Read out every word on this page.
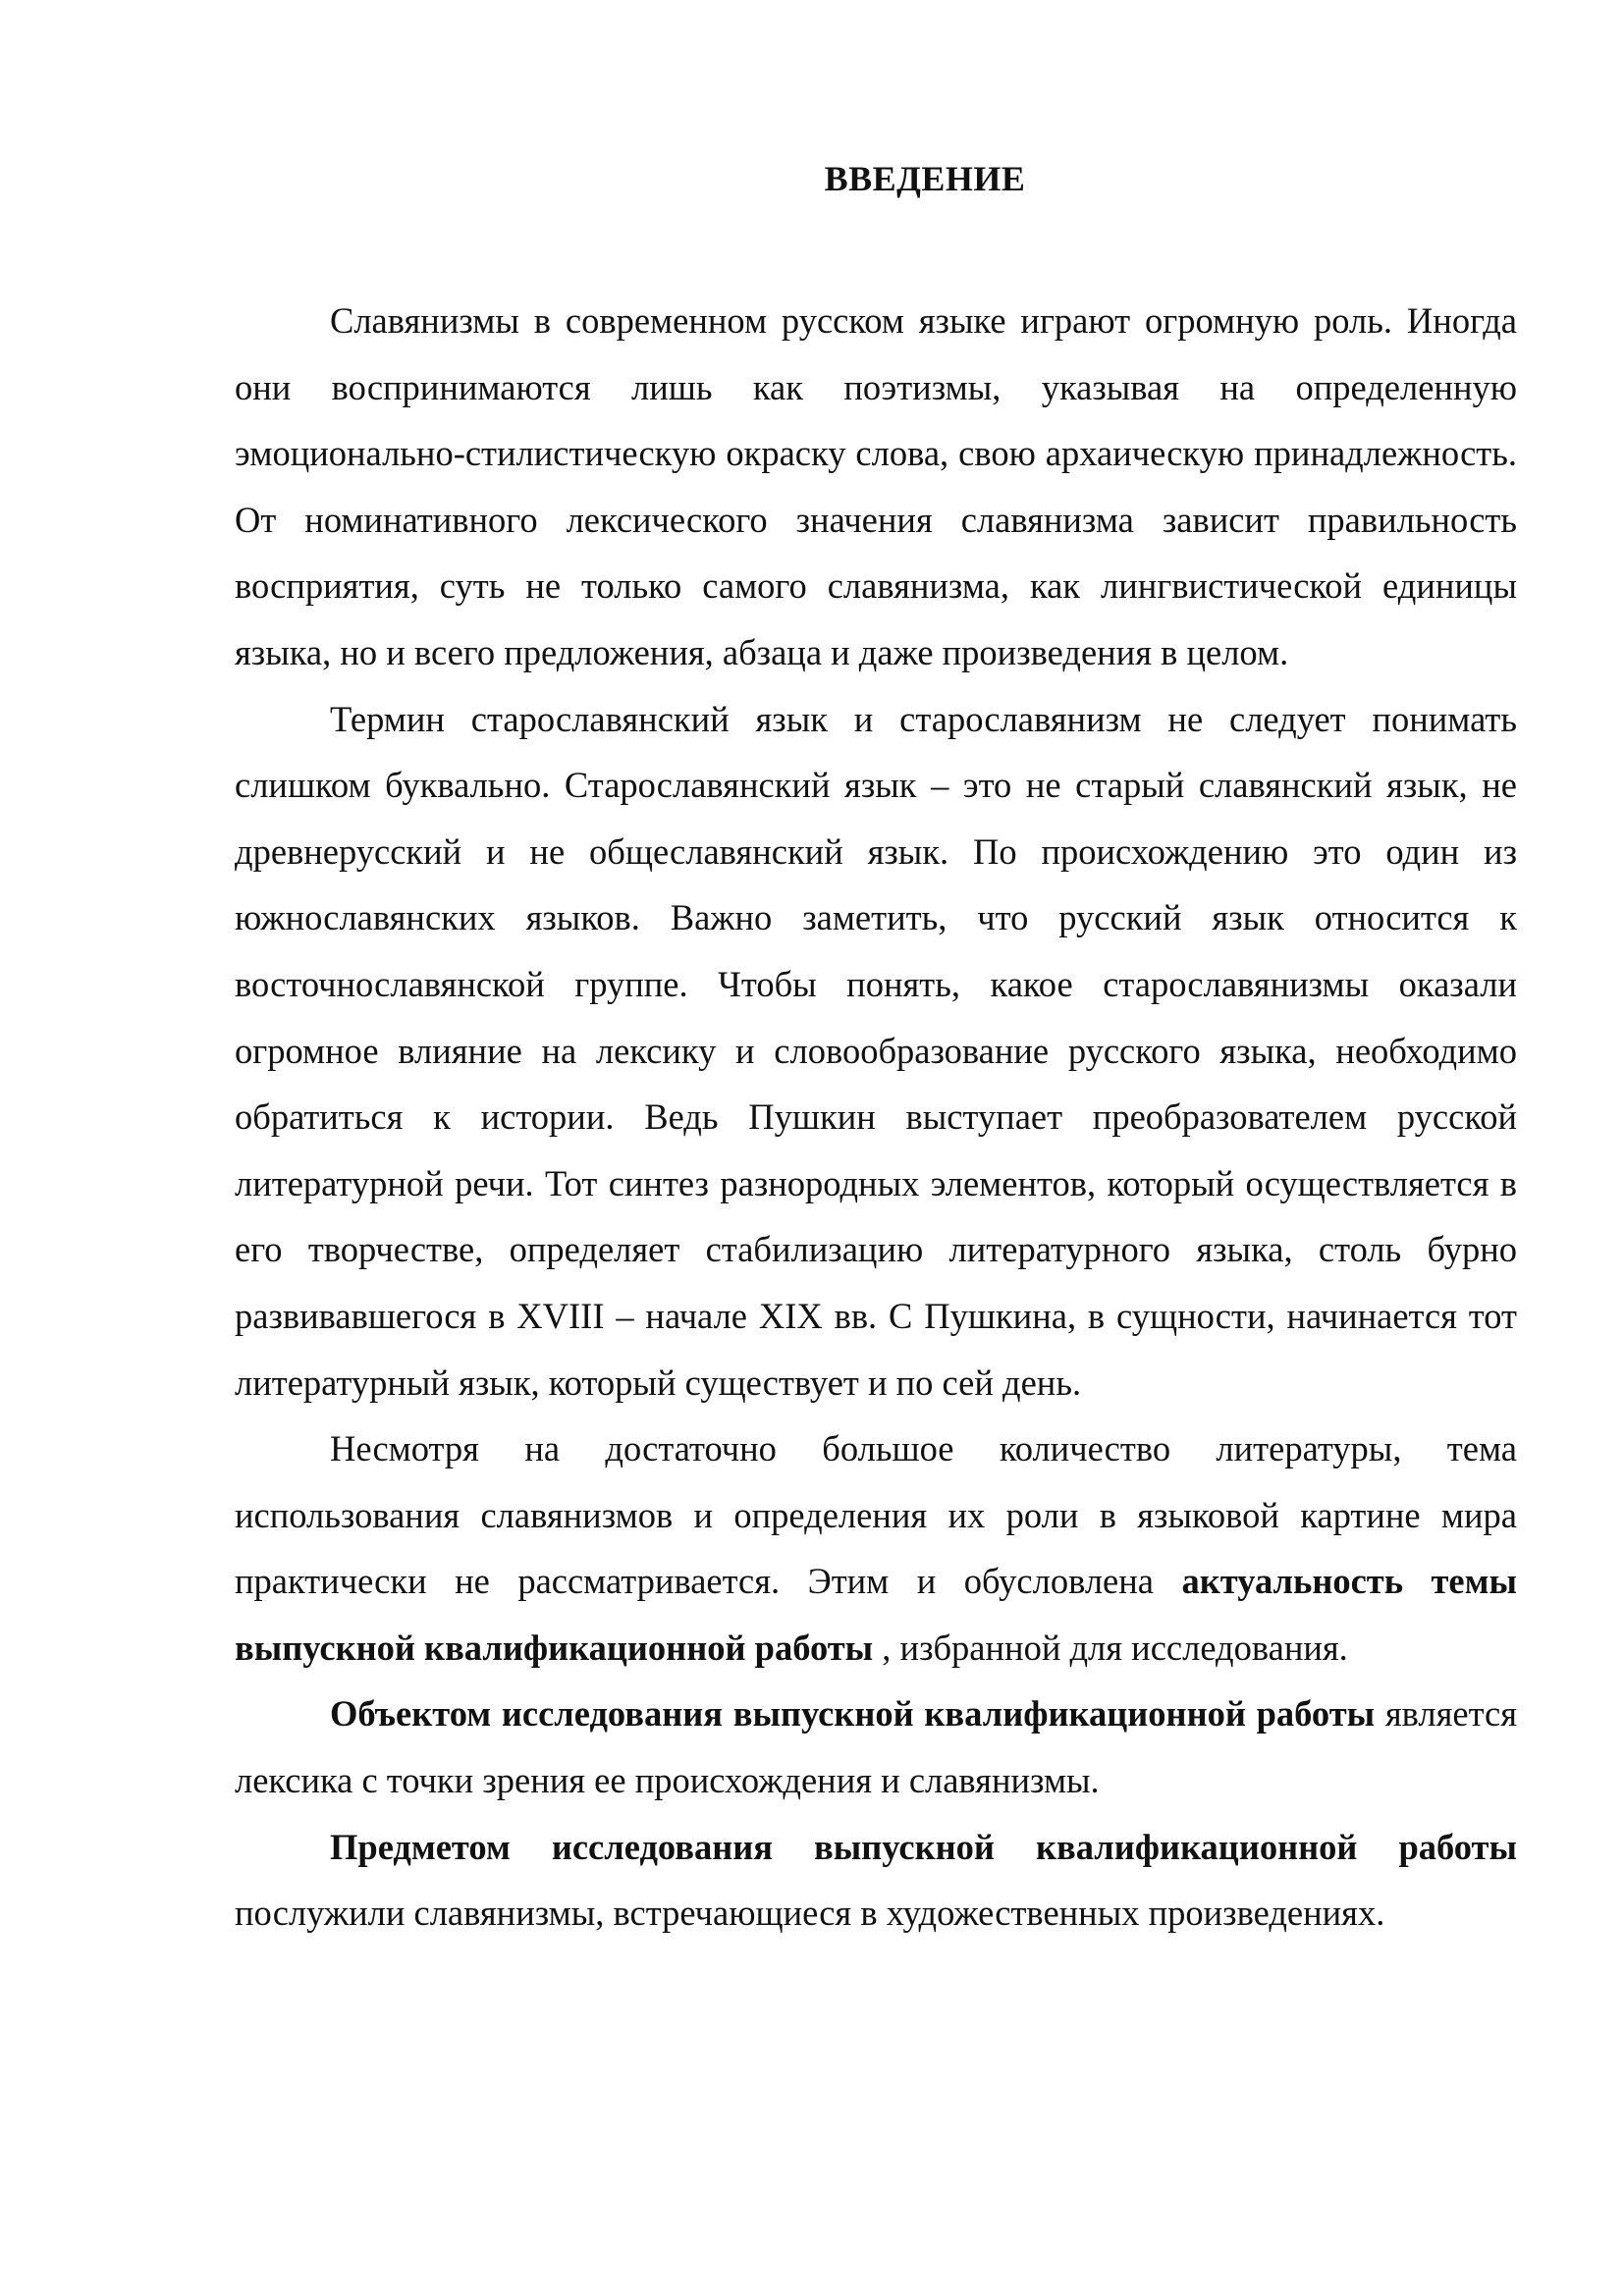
ВВЕДЕНИЕ

Славянизмы в современном русском языке играют огромную роль. Иногда они воспринимаются лишь как поэтизмы, указывая на определенную эмоционально-стилистическую окраску слова, свою архаическую принадлежность. От номинативного лексического значения славянизма зависит правильность восприятия, суть не только самого славянизма, как лингвистической единицы языка, но и всего предложения, абзаца и даже произведения в целом.

Термин старославянский язык и старославянизм не следует понимать слишком буквально. Старославянский язык – это не старый славянский язык, не древнерусский и не общеславянский язык. По происхождению это один из южнославянских языков. Важно заметить, что русский язык относится к восточнославянской группе. Чтобы понять, какое старославянизмы оказали огромное влияние на лексику и словообразование русского языка, необходимо обратиться к истории. Ведь Пушкин выступает преобразователем русской литературной речи. Тот синтез разнородных элементов, который осуществляется в его творчестве, определяет стабилизацию литературного языка, столь бурно развивавшегося в XVIII – начале XIX вв. С Пушкина, в сущности, начинается тот литературный язык, который существует и по сей день.

Несмотря на достаточно большое количество литературы, тема использования славянизмов и определения их роли в языковой картине мира практически не рассматривается. Этим и обусловлена актуальность темы выпускной квалификационной работы , избранной для исследования.

Объектом исследования выпускной квалификационной работы является лексика с точки зрения ее происхождения и славянизмы.

Предметом исследования выпускной квалификационной работы послужили славянизмы, встречающиеся в художественных произведениях.
